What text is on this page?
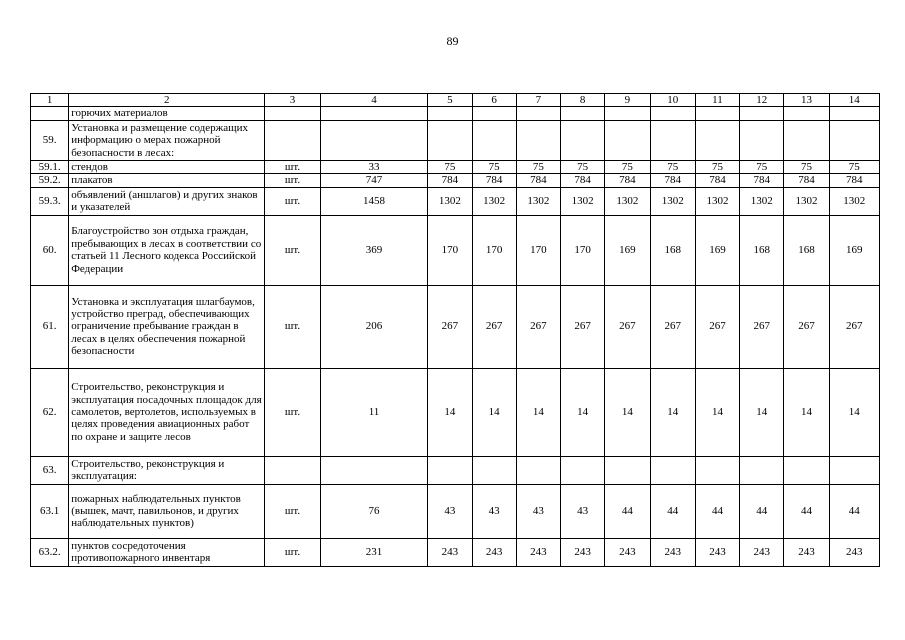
89
1	2	3	4	5	6	7	8	9	10	11	12	13	14
	горючих материалов												
59.	Установка и размещение содержащих информацию о мерах пожарной безопасности в лесах:												
59.1.	стендов	шт.	33	75	75	75	75	75	75	75	75	75	75
59.2.	плакатов	шт.	747	784	784	784	784	784	784	784	784	784	784
59.3.	объявлений (аншлагов) и других знаков и указателей	шт.	1458	1302	1302	1302	1302	1302	1302	1302	1302	1302	1302
60.	Благоустройство зон отдыха граждан, пребывающих в лесах в соответствии со статьей 11 Лесного кодекса Российской Федерации	шт.	369	170	170	170	170	169	168	169	168	168	169
61.	Установка и эксплуатация шлагбаумов, устройство преград, обеспечивающих ограничение пребывание граждан в лесах в целях обеспечения пожарной безопасности	шт.	206	267	267	267	267	267	267	267	267	267	267
62.	Строительство, реконструкция и эксплуатация посадочных площадок для самолетов, вертолетов, используемых в целях проведения авиационных работ по охране и защите лесов	шт.	11	14	14	14	14	14	14	14	14	14	14
63.	Строительство, реконструкция и эксплуатация:												
63.1	пожарных наблюдательных пунктов (вышек, мачт, павильонов, и других наблюдательных пунктов)	шт.	76	43	43	43	43	44	44	44	44	44	44
63.2.	пунктов сосредоточения противопожарного инвентаря	шт.	231	243	243	243	243	243	243	243	243	243	243
